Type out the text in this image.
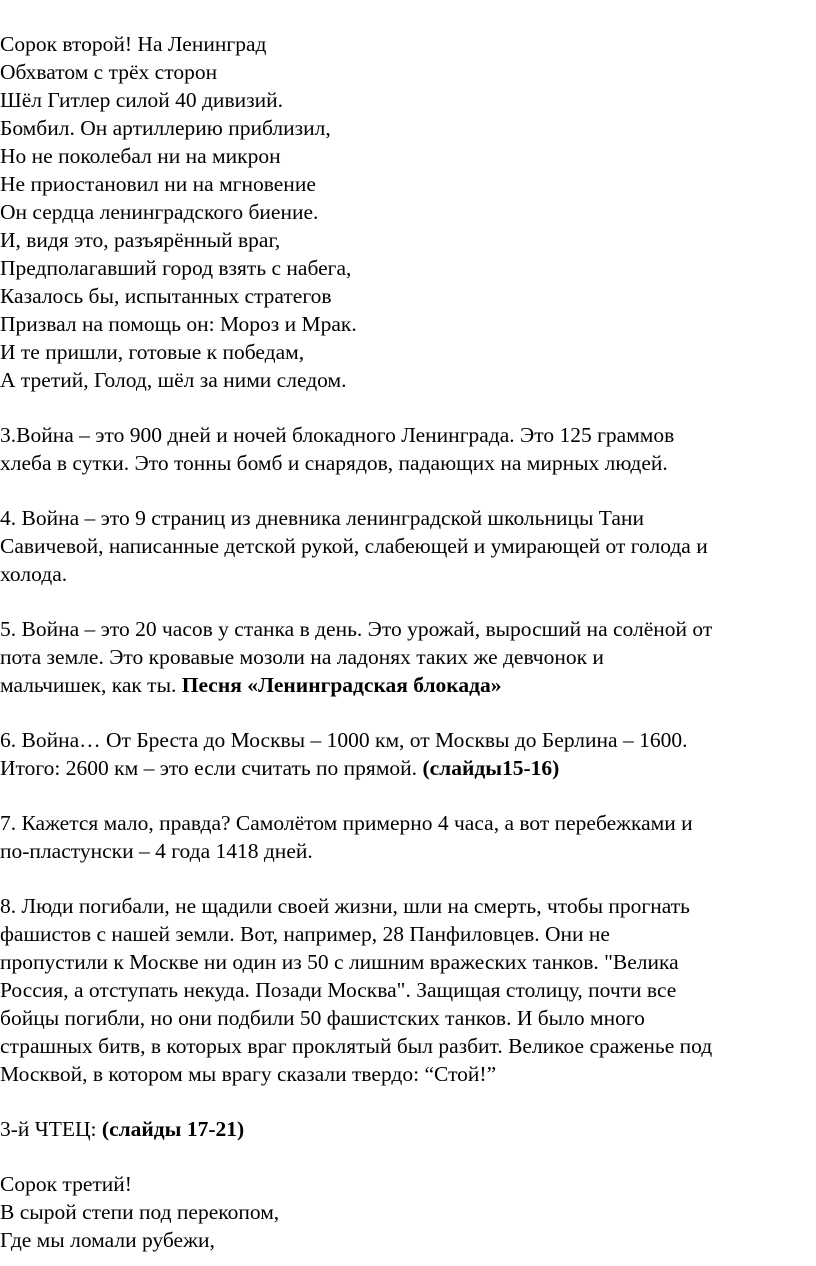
Сорок второй! На Ленинград

Обхватом с трёх сторон

Шёл Гитлер силой 40 дивизий.

Бомбил. Он артиллерию приблизил,

Но не поколебал ни на микрон

Не приостановил ни на мгновение

Он сердца ленинградского биение.

И, видя это, разъярённый враг,

Предполагавший город взять с набега,

Казалось бы, испытанных стратегов

Призвал на помощь он: Мороз и Мрак.

И те пришли, готовые к победам,

А третий, Голод, шёл за ними следом.

3.Война – это 900 дней и ночей блокадного Ленинграда. Это 125 граммов

хлеба в сутки. Это тонны бомб и снарядов, падающих на мирных людей.

4. Война – это 9 страниц из дневника ленинградской школьницы Тани

Савичевой, написанные детской рукой, слабеющей и умирающей от голода и

холода.

5. Война – это 20 часов у станка в день. Это урожай, выросший на солёной от

пота земле. Это кровавые мозоли на ладонях таких же девчонок и

мальчишек, как ты. Песня «Ленинградская блокада»

6. Война… От Бреста до Москвы – 1000 км, от Москвы до Берлина – 1600.

Итого: 2600 км – это если считать по прямой. (слайды15-16)

7. Кажется мало, правда? Самолётом примерно 4 часа, а вот перебежками и

по-пластунски – 4 года 1418 дней.

8. Люди погибали, не щадили своей жизни, шли на смерть, чтобы прогнать

фашистов с нашей земли. Вот, например, 28 Панфиловцев. Они не

пропустили к Москве ни один из 50 с лишним вражеских танков. "Велика

Россия, а отступать некуда. Позади Москва". Защищая столицу, почти все

бойцы погибли, но они подбили 50 фашистских танков. И было много

страшных битв, в которых враг проклятый был разбит. Великое сраженье под

Москвой, в котором мы врагу сказали твердо: “Стой!”

3-й ЧТЕЦ: (слайды 17-21)

Сорок третий!

В сырой степи под перекопом,

Где мы ломали рубежи,
